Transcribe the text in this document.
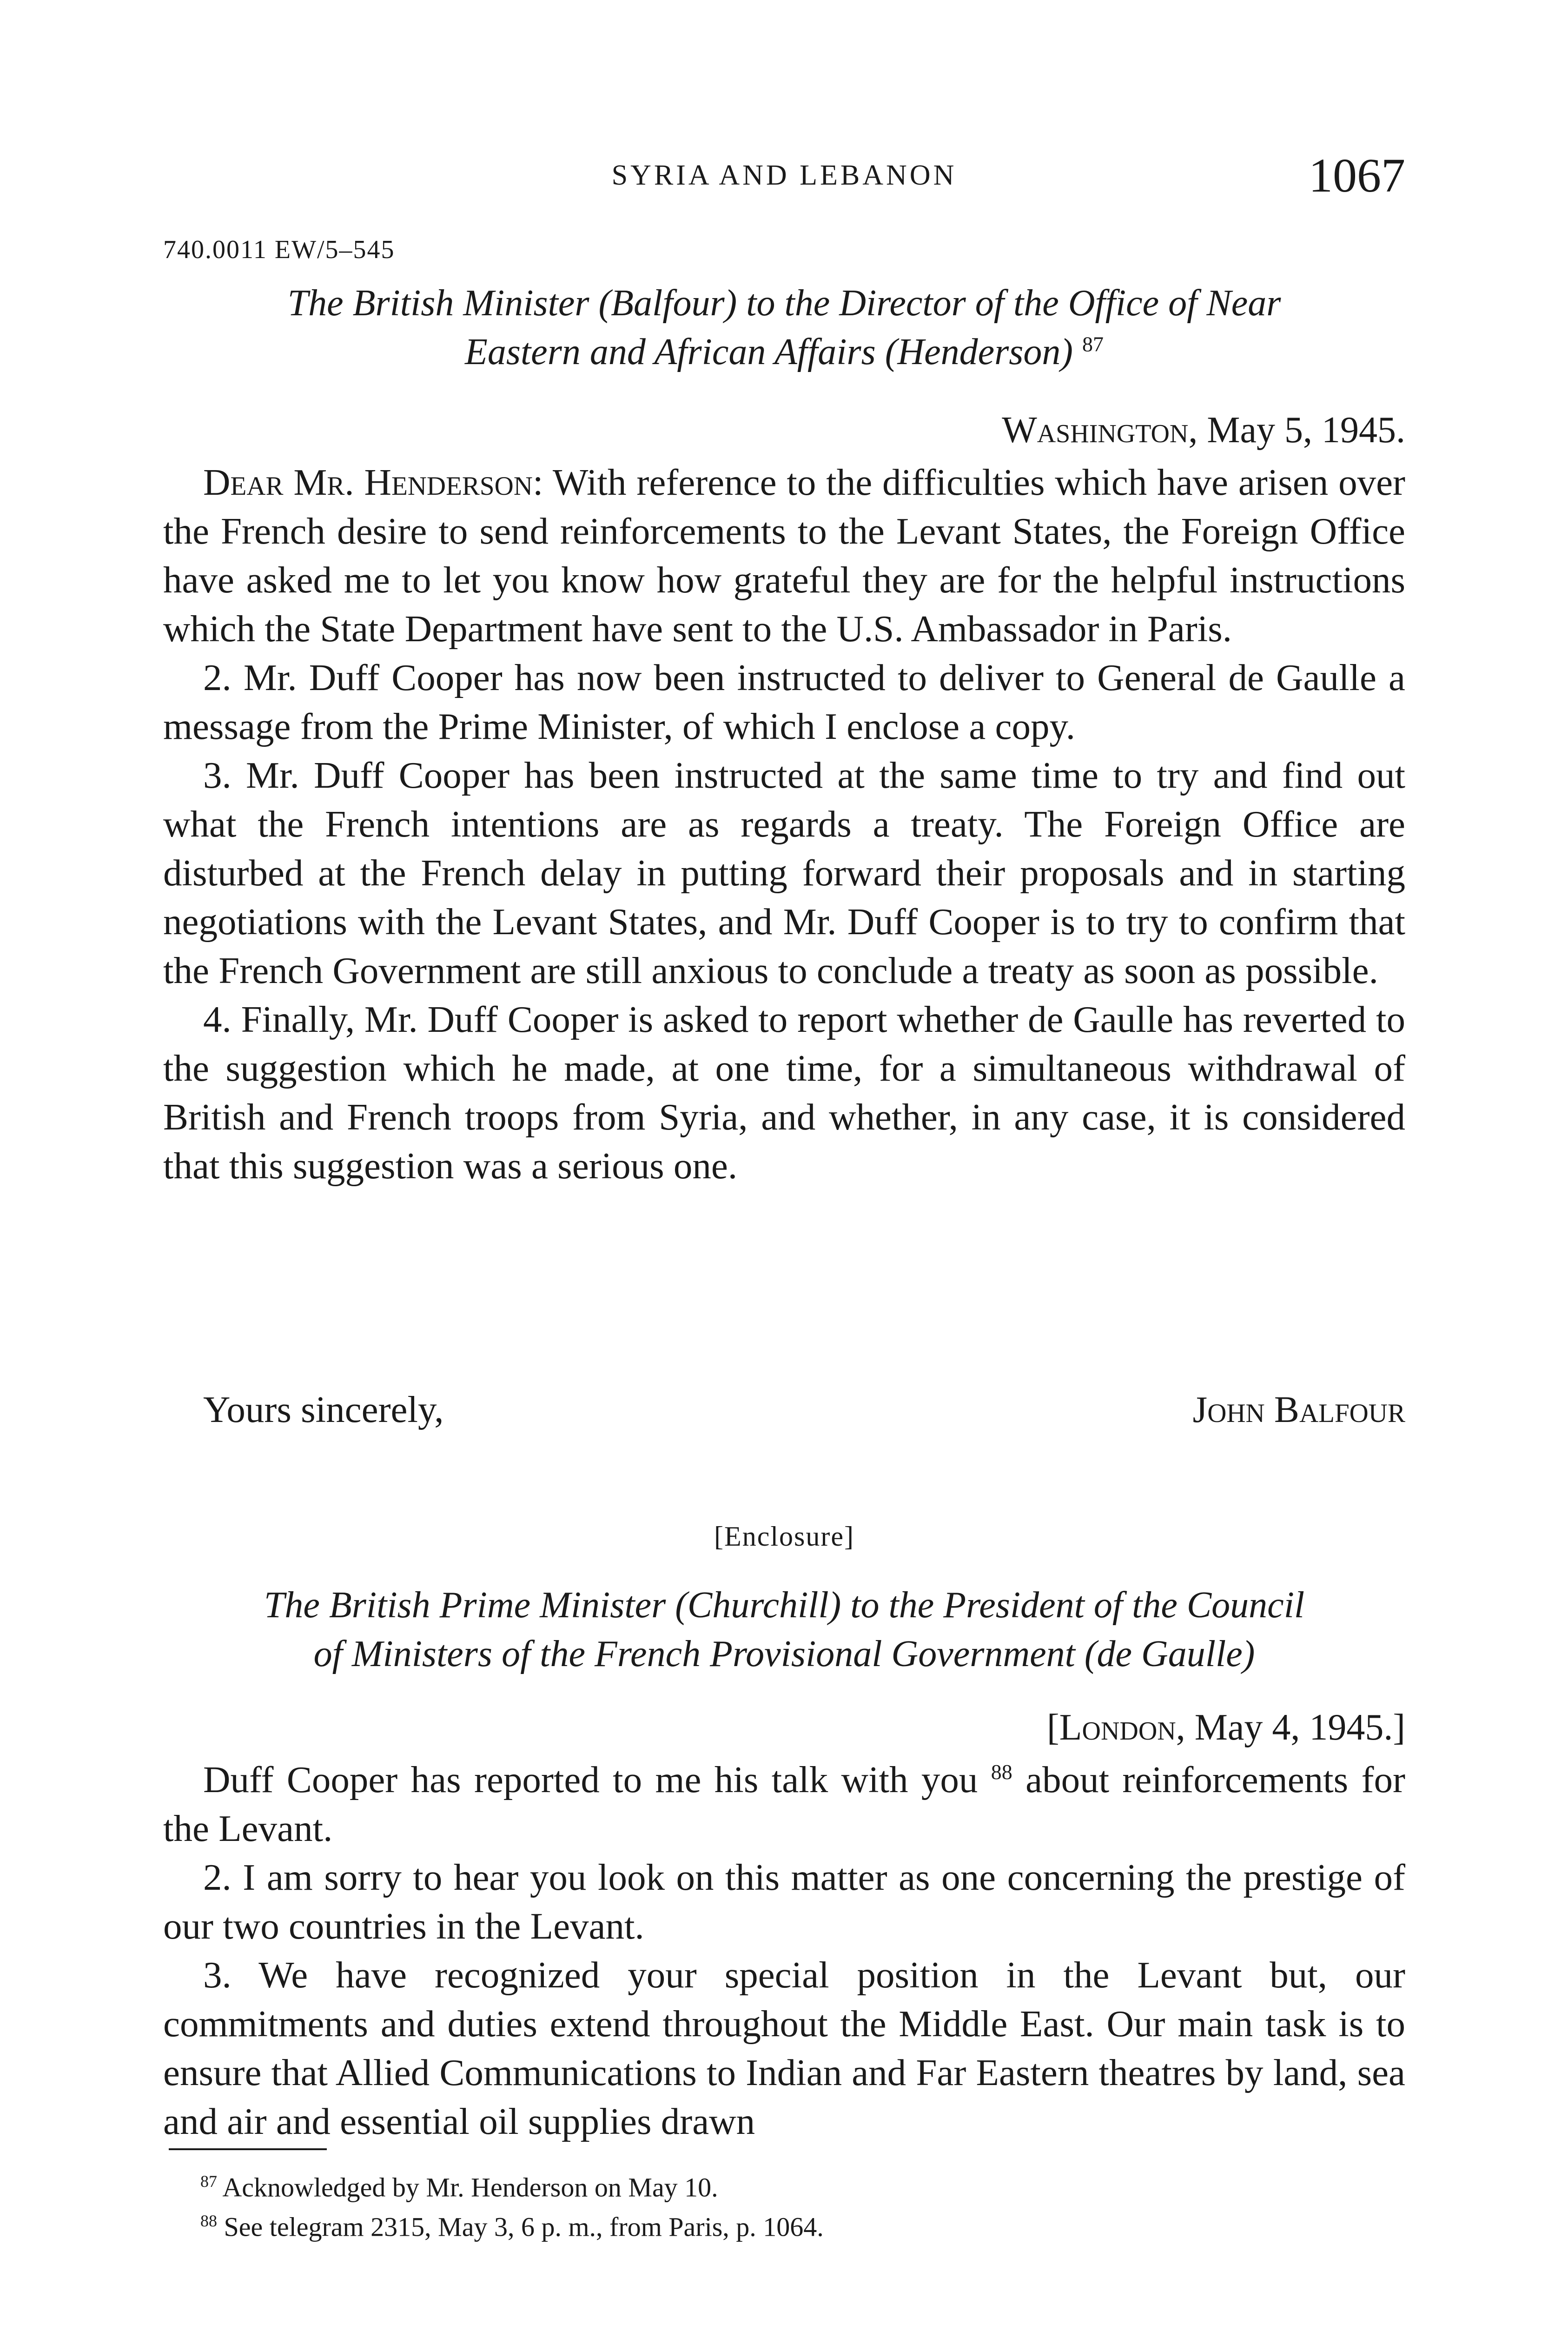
SYRIA AND LEBANON	1067
740.0011 EW/5–545
The British Minister (Balfour) to the Director of the Office of Near
Eastern and African Affairs (Henderson) $^{87}$
Washington, May 5, 1945.

Dear Mr. Henderson: With reference to the difficulties which have arisen over the French desire to send reinforcements to the Levant States, the Foreign Office have asked me to let you know how grateful they are for the helpful instructions which the State Department have sent to the U.S. Ambassador in Paris.

2. Mr. Duff Cooper has now been instructed to deliver to General de Gaulle a message from the Prime Minister, of which I enclose a copy.

3. Mr. Duff Cooper has been instructed at the same time to try and find out what the French intentions are as regards a treaty. The Foreign Office are disturbed at the French delay in putting forward their proposals and in starting negotiations with the Levant States, and Mr. Duff Cooper is to try to confirm that the French Government are still anxious to conclude a treaty as soon as possible.

4. Finally, Mr. Duff Cooper is asked to report whether de Gaulle has reverted to the suggestion which he made, at one time, for a simultaneous withdrawal of British and French troops from Syria, and whether, in any case, it is considered that this suggestion was a serious one.

Yours sincerely,	John Balfour
[Enclosure]
The British Prime Minister (Churchill) to the President of the Council
of Ministers of the French Provisional Government (de Gaulle)
[London, May 4, 1945.]

Duff Cooper has reported to me his talk with you $^{88}$ about reinforcements for the Levant.

2. I am sorry to hear you look on this matter as one concerning the prestige of our two countries in the Levant.

3. We have recognized your special position in the Levant but, our commitments and duties extend throughout the Middle East. Our main task is to ensure that Allied Communications to Indian and Far Eastern theatres by land, sea and air and essential oil supplies drawn

$^{87}$ Acknowledged by Mr. Henderson on May 10.
$^{88}$ See telegram 2315, May 3, 6 p. m., from Paris, p. 1064.
